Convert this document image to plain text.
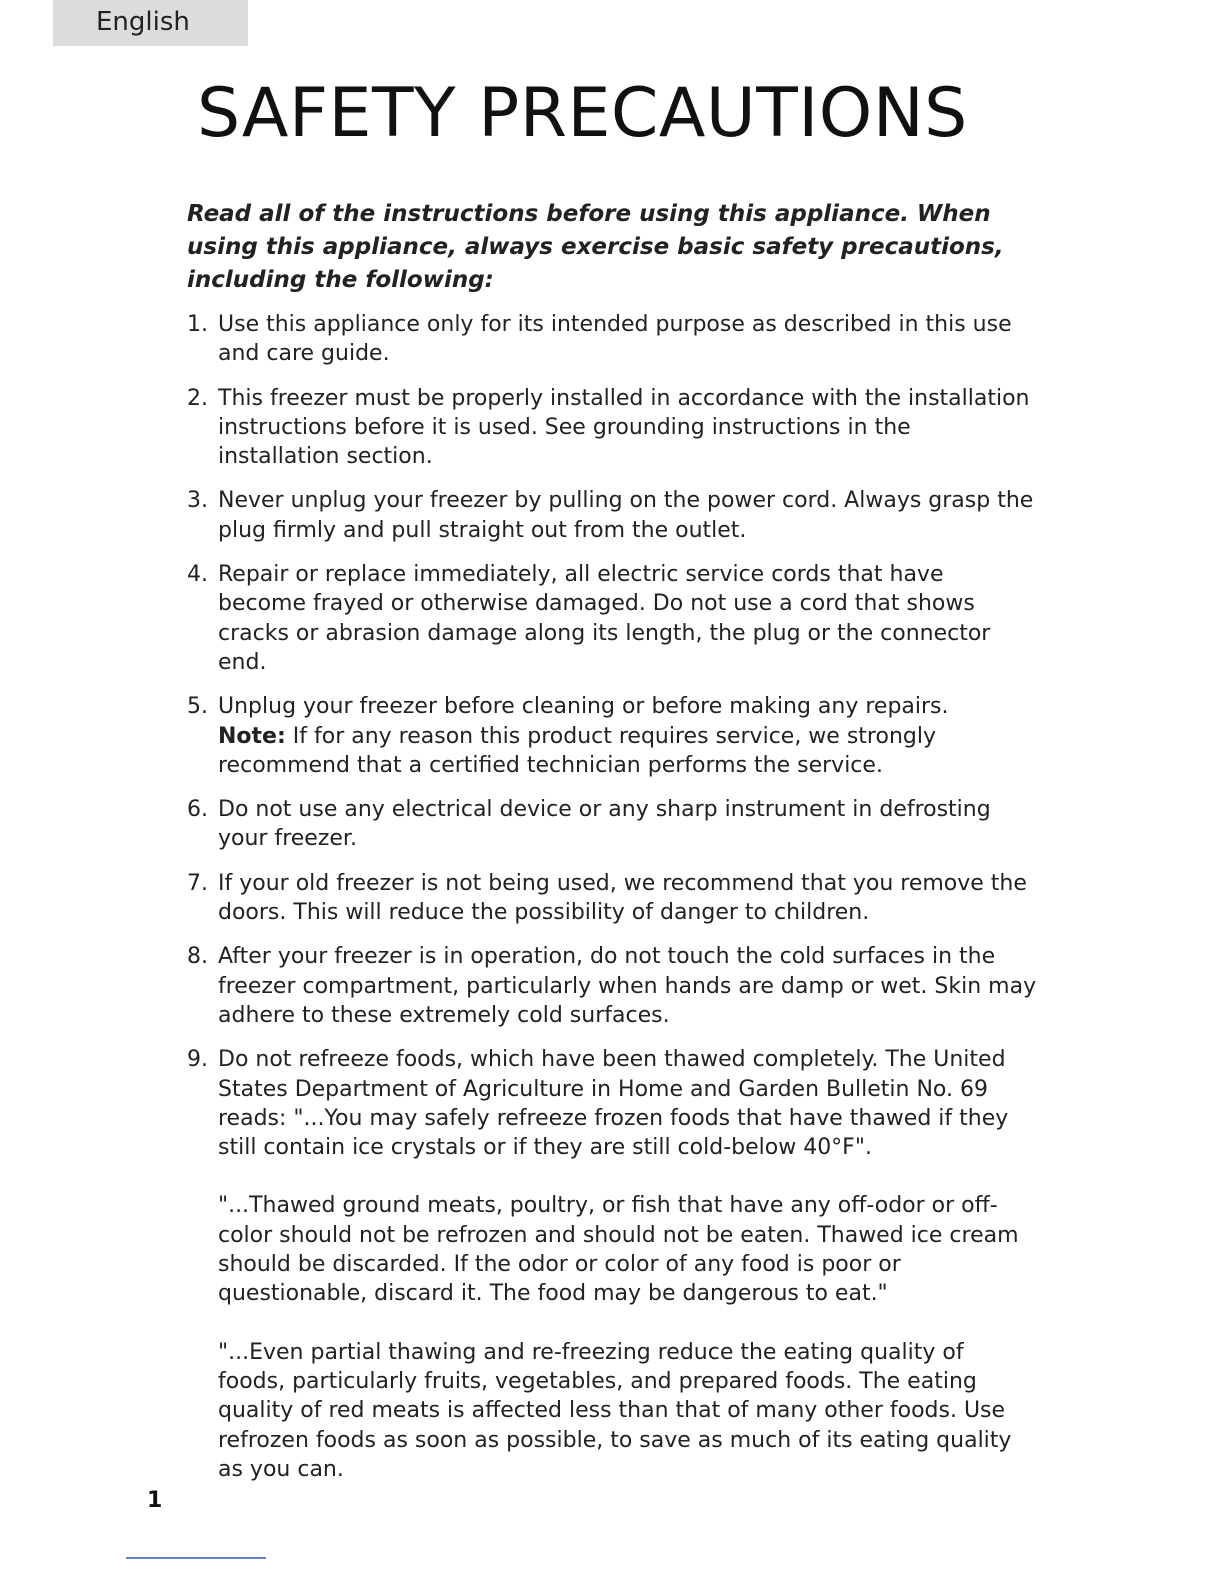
English
SAFETY PRECAUTIONS

Read all of the instructions before using this appliance. When using this appliance, always exercise basic safety precautions, including the following:

1. Use this appliance only for its intended purpose as described in this use and care guide.
2. This freezer must be properly installed in accordance with the installation instructions before it is used. See grounding instructions in the installation section.
3. Never unplug your freezer by pulling on the power cord. Always grasp the plug firmly and pull straight out from the outlet.
4. Repair or replace immediately, all electric service cords that have become frayed or otherwise damaged. Do not use a cord that shows cracks or abrasion damage along its length, the plug or the connector end.
5. Unplug your freezer before cleaning or before making any repairs.
Note: If for any reason this product requires service, we strongly recommend that a certified technician performs the service.
6. Do not use any electrical device or any sharp instrument in defrosting your freezer.
7. If your old freezer is not being used, we recommend that you remove the doors. This will reduce the possibility of danger to children.
8. After your freezer is in operation, do not touch the cold surfaces in the freezer compartment, particularly when hands are damp or wet. Skin may adhere to these extremely cold surfaces.
9. Do not refreeze foods, which have been thawed completely. The United States Department of Agriculture in Home and Garden Bulletin No. 69 reads: "...You may safely refreeze frozen foods that have thawed if they still contain ice crystals or if they are still cold-below 40°F".

"...Thawed ground meats, poultry, or fish that have any off-odor or off-color should not be refrozen and should not be eaten. Thawed ice cream should be discarded. If the odor or color of any food is poor or questionable, discard it. The food may be dangerous to eat."

"...Even partial thawing and re-freezing reduce the eating quality of foods, particularly fruits, vegetables, and prepared foods. The eating quality of red meats is affected less than that of many other foods. Use refrozen foods as soon as possible, to save as much of its eating quality as you can.

1
